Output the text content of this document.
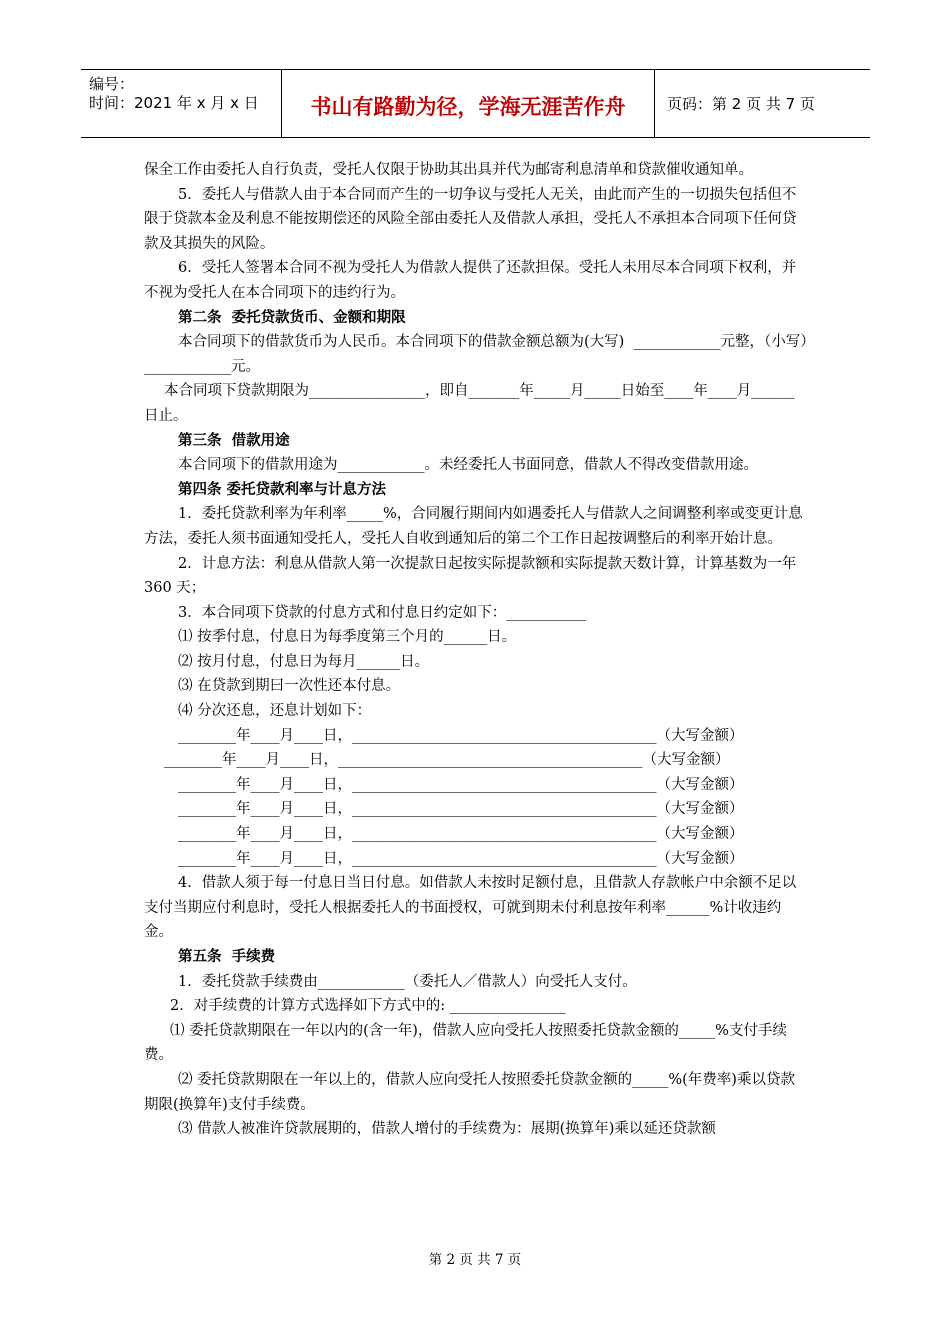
编号：
时间：2021 年 x 月 x 日	书山有路勤为径，学海无涯苦作舟	页码：第 2 页 共 7 页

保全工作由委托人自行负责，受托人仅限于协助其出具并代为邮寄利息清单和贷款催收通知单。

5．委托人与借款人由于本合同而产生的一切争议与受托人无关，由此而产生的一切损失包括但不限于贷款本金及利息不能按期偿还的风险全部由委托人及借款人承担，受托人不承担本合同项下任何贷款及其损失的风险。

6．受托人签署本合同不视为受托人为借款人提供了还款担保。受托人未用尽本合同项下权利，并不视为受托人在本合同项下的违约行为。

第二条  委托贷款货币、金额和期限

本合同项下的借款货币为人民币。本合同项下的借款金额总额为(大写)  ____________元整，（小写）____________元。

本合同项下贷款期限为________________，即自_______年_____月_____日始至____年____月______日止。

第三条  借款用途

本合同项下的借款用途为____________。未经委托人书面同意，借款人不得改变借款用途。

第四条 委托贷款利率与计息方法

1．委托贷款利率为年利率_____%，合同履行期间内如遇委托人与借款人之间调整利率或变更计息方法，委托人须书面通知受托人，受托人自收到通知后的第二个工作日起按调整后的利率开始计息。

2．计息方法：利息从借款人第一次提款日起按实际提款额和实际提款天数计算，计算基数为一年 360 天；

3．本合同项下贷款的付息方式和付息日约定如下：___________

⑴ 按季付息，付息日为每季度第三个月的______日。

⑵ 按月付息，付息日为每月______日。

⑶ 在贷款到期曰一次性还本付息。

⑷ 分次还息，还息计划如下：

________年____月____日，__________________________________________（大写金额）

________年____月____日，__________________________________________（大写金额）

________年____月____日，__________________________________________（大写金额）

________年____月____日，__________________________________________（大写金额）

________年____月____日，__________________________________________（大写金额）

________年____月____日，__________________________________________（大写金额）

4．借款人须于每一付息日当日付息。如借款人未按时足额付息，且借款人存款帐户中余额不足以支付当期应付利息时，受托人根据委托人的书面授权，可就到期未付利息按年利率______%计收违约金。

第五条  手续费

1．委托贷款手续费由____________（委托人／借款人）向受托人支付。

2．对手续费的计算方式选择如下方式中的: ________________

⑴ 委托贷款期限在一年以内的(含一年)，借款人应向受托人按照委托贷款金额的_____%支付手续费。

⑵ 委托贷款期限在一年以上的，借款人应向受托人按照委托贷款金额的_____%(年费率)乘以贷款期限(换算年)支付手续费。

⑶ 借款人被准许贷款展期的，借款人增付的手续费为：展期(换算年)乘以延还贷款额

第 2 页 共 7 页
